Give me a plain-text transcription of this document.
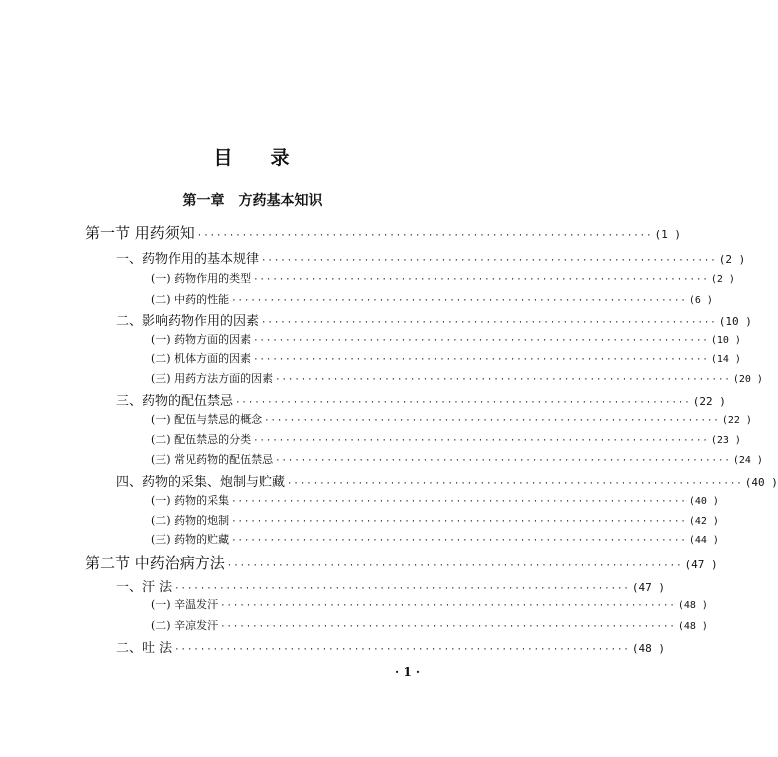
目 录
第一章 方药基本知识
第一节 用药须知 ······································································· (1 )
一、药物作用的基本规律 ······································································· (2 )
(一) 药物作用的类型 ······································································· (2 )
(二) 中药的性能 ······································································· (6 )
二、影响药物作用的因素 ······································································· (10 )
(一) 药物方面的因素 ······································································· (10 )
(二) 机体方面的因素 ······································································· (14 )
(三) 用药方法方面的因素 ······································································· (20 )
三、药物的配伍禁忌 ······································································· (22 )
(一) 配伍与禁忌的概念 ······································································· (22 )
(二) 配伍禁忌的分类 ······································································· (23 )
(三) 常见药物的配伍禁忌 ······································································· (24 )
四、药物的采集、炮制与贮藏 ······································································· (40 )
(一) 药物的采集 ······································································· (40 )
(二) 药物的炮制 ······································································· (42 )
(三) 药物的贮藏 ······································································· (44 )
第二节 中药治病方法 ······································································· (47 )
一、汗 法 ······································································· (47 )
(一) 辛温发汗 ······································································· (48 )
(二) 辛凉发汗 ······································································· (48 )
二、吐 法 ······································································· (48 )
· 1 ·
